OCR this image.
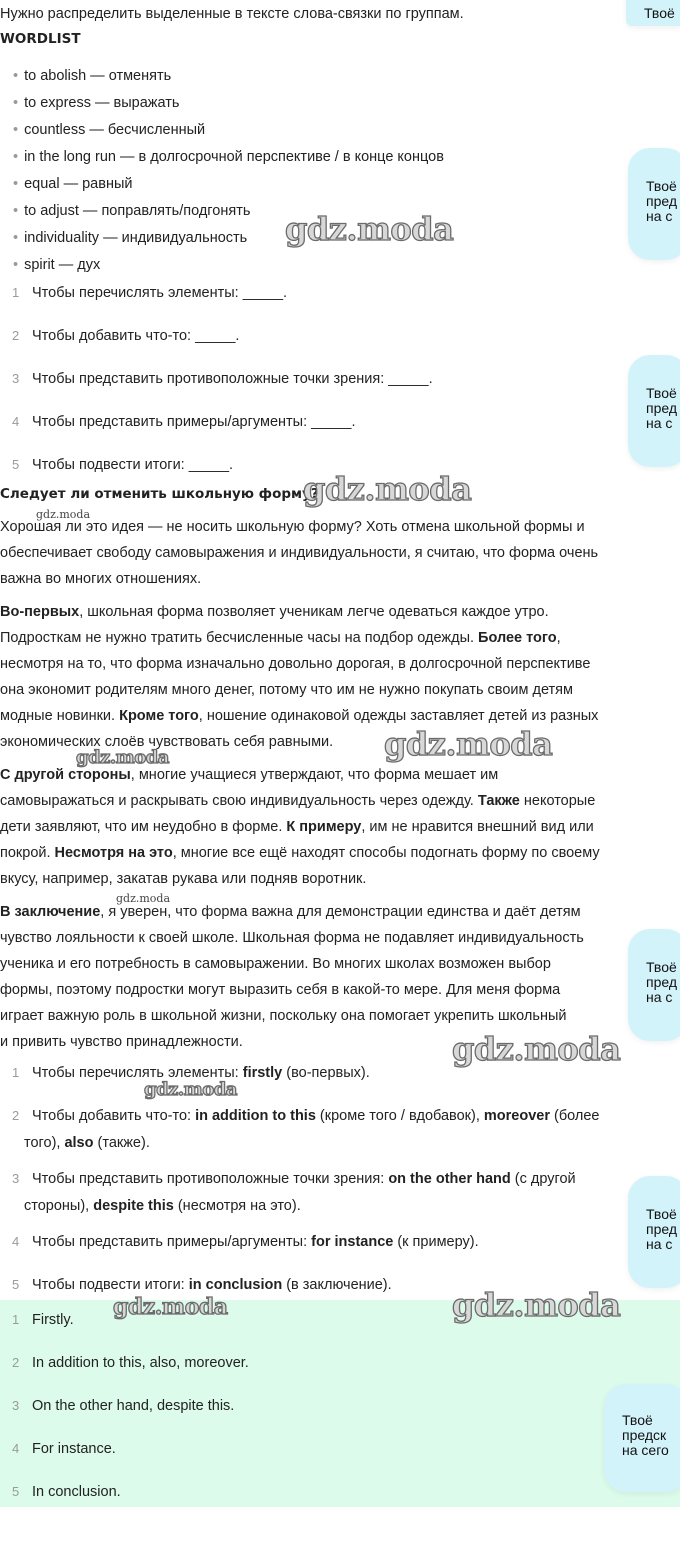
Нужно распределить выделенные в тексте слова-связки по группам.
WORDLIST
• to abolish — отменять
• to express — выражать
• countless — бесчисленный
• in the long run — в долгосрочной перспективе / в конце концов
• equal — равный
• to adjust — поправлять/подгонять
• individuality — индивидуальность
• spirit — дух
1 Чтобы перечислять элементы: _____.
2 Чтобы добавить что-то: _____.
3 Чтобы представить противоположные точки зрения: _____.
4 Чтобы представить примеры/аргументы: _____.
5 Чтобы подвести итоги: _____.
Следует ли отменить школьную форму?
Хорошая ли это идея — не носить школьную форму? Хоть отмена школьной формы и
обеспечивает свободу самовыражения и индивидуальности, я считаю, что форма очень
важна во многих отношениях.
Во-первых, школьная форма позволяет ученикам легче одеваться каждое утро.
Подросткам не нужно тратить бесчисленные часы на подбор одежды. Более того,
несмотря на то, что форма изначально довольно дорогая, в долгосрочной перспективе
она экономит родителям много денег, потому что им не нужно покупать своим детям
модные новинки. Кроме того, ношение одинаковой одежды заставляет детей из разных
экономических слоёв чувствовать себя равными.
С другой стороны, многие учащиеся утверждают, что форма мешает им
самовыражаться и раскрывать свою индивидуальность через одежду. Также некоторые
дети заявляют, что им неудобно в форме. К примеру, им не нравится внешний вид или
покрой. Несмотря на это, многие все ещё находят способы подогнать форму по своему
вкусу, например, закатав рукава или подняв воротник.
В заключение, я уверен, что форма важна для демонстрации единства и даёт детям
чувство лояльности к своей школе. Школьная форма не подавляет индивидуальность
ученика и его потребность в самовыражении. Во многих школах возможен выбор
формы, поэтому подростки могут выразить себя в какой-то мере. Для меня форма
играет важную роль в школьной жизни, поскольку она помогает укрепить школьный
и привить чувство принадлежности.
1 Чтобы перечислять элементы: firstly (во-первых).
2 Чтобы добавить что-то: in addition to this (кроме того / вдобавок), moreover (более
того), also (также).
3 Чтобы представить противоположные точки зрения: on the other hand (с другой
стороны), despite this (несмотря на это).
4 Чтобы представить примеры/аргументы: for instance (к примеру).
5 Чтобы подвести итоги: in conclusion (в заключение).
1 Firstly.
2 In addition to this, also, moreover.
3 On the other hand, despite this.
4 For instance.
5 In conclusion.
gdz.moda
gdz.moda
gdz.moda
gdz.moda
gdz.moda
gdz.moda
gdz.moda
gdz.moda
gdz.moda
gdz.moda
Твоё
Твоё
пред
на с
Твоё
пред
на с
Твоё
пред
на с
Твоё
пред
на с
Твоё
предск
на сего
